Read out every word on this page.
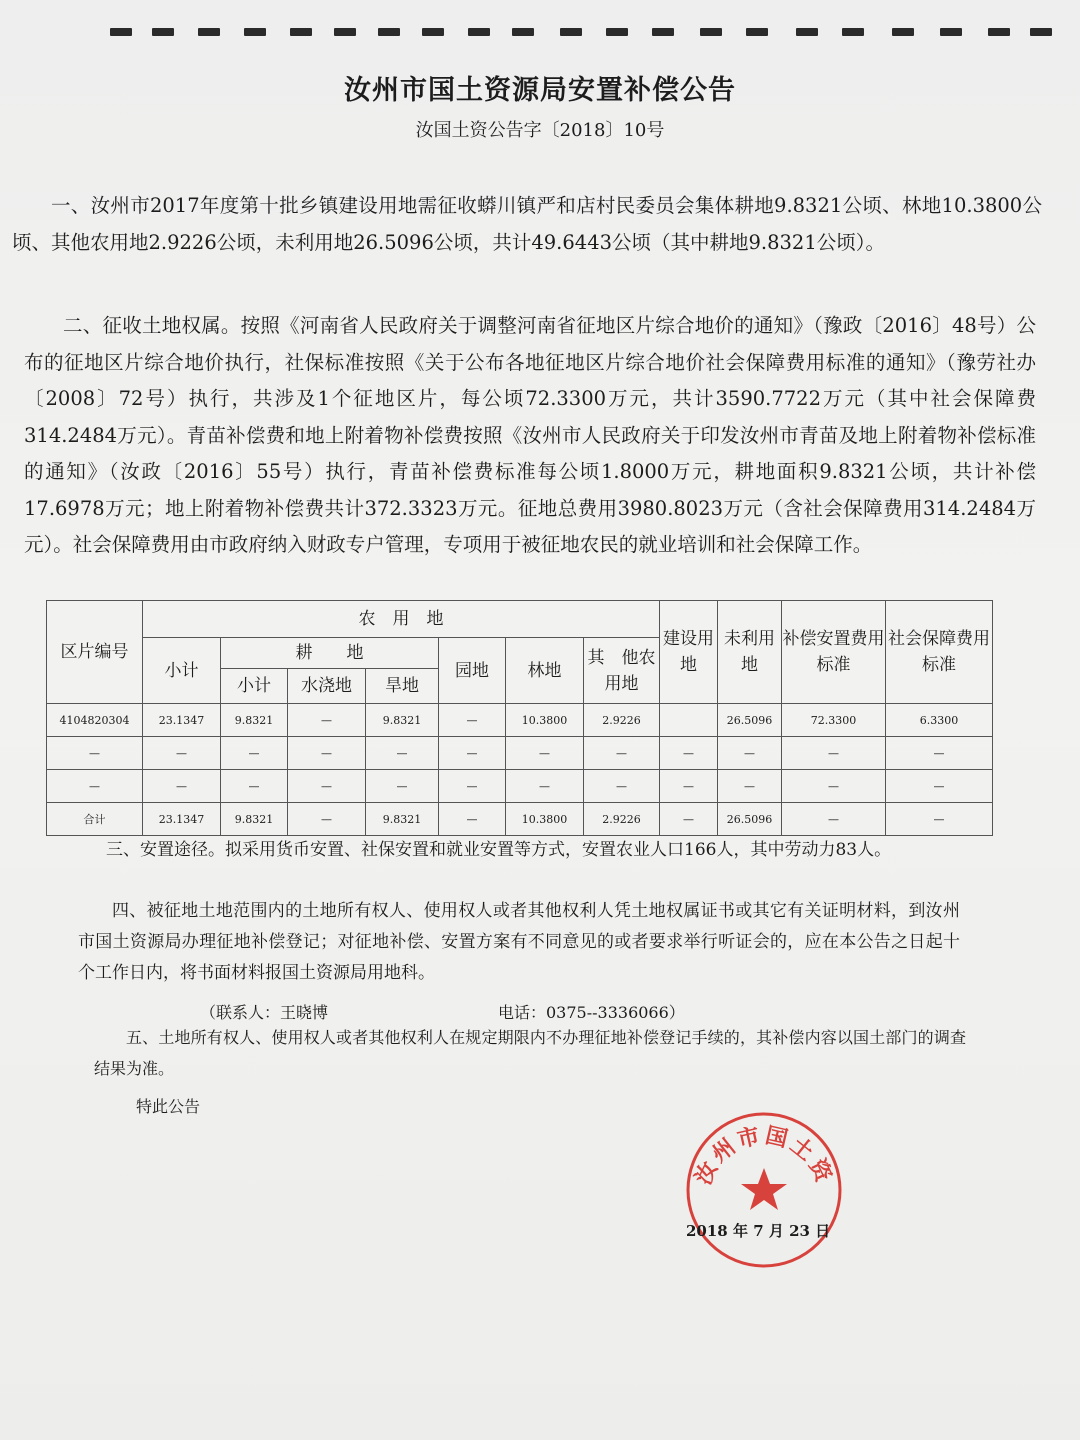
汝州市国土资源局安置补偿公告
汝国土资公告字〔2018〕10号

一、汝州市2017年度第十批乡镇建设用地需征收蟒川镇严和店村民委员会集体耕地9.8321公顷、林地10.3800公顷、其他农用地2.9226公顷，未利用地26.5096公顷，共计49.6443公顷（其中耕地9.8321公顷）。

二、征收土地权属。按照《河南省人民政府关于调整河南省征地区片综合地价的通知》（豫政〔2016〕48号）公布的征地区片综合地价执行，社保标准按照《关于公布各地征地区片综合地价社会保障费用标准的通知》（豫劳社办〔2008〕72号）执行，共涉及1个征地区片，每公顷72.3300万元，共计3590.7722万元（其中社会保障费314.2484万元）。青苗补偿费和地上附着物补偿费按照《汝州市人民政府关于印发汝州市青苗及地上附着物补偿标准的通知》（汝政〔2016〕55号）执行，青苗补偿费标准每公顷1.8000万元，耕地面积9.8321公顷，共计补偿17.6978万元；地上附着物补偿费共计372.3323万元。征地总费用3980.8023万元（含社会保障费用314.2484万元）。社会保障费用由市政府纳入财政专户管理，专项用于被征地农民的就业培训和社会保障工作。

区片编号	农　用　地							建设用地	未利用地	补偿安置费用标准	社会保障费用标准
	小计	耕　　地			园地	林地	其　他农用地				
		小计	水浇地	旱地							
4104820304	23.1347	9.8321	—	9.8321	—	10.3800	2.9226		26.5096	72.3300	6.3300
—	—	—	—	—	—	—	—	—	—	—	—
—	—	—	—	—	—	—	—	—	—	—	—
合计	23.1347	9.8321	—	9.8321	—	10.3800	2.9226	—	26.5096	—	—

三、安置途径。拟采用货币安置、社保安置和就业安置等方式，安置农业人口166人，其中劳动力83人。

四、被征地土地范围内的土地所有权人、使用权人或者其他权利人凭土地权属证书或其它有关证明材料，到汝州市国土资源局办理征地补偿登记；对征地补偿、安置方案有不同意见的或者要求举行听证会的，应在本公告之日起十个工作日内，将书面材料报国土资源局用地科。

（联系人：王晓博	电话：0375--3336066）

五、土地所有权人、使用权人或者其他权利人在规定期限内不办理征地补偿登记手续的，其补偿内容以国土部门的调查结果为准。

特此公告
汝州市国土资
2018 年 7 月 23 日
